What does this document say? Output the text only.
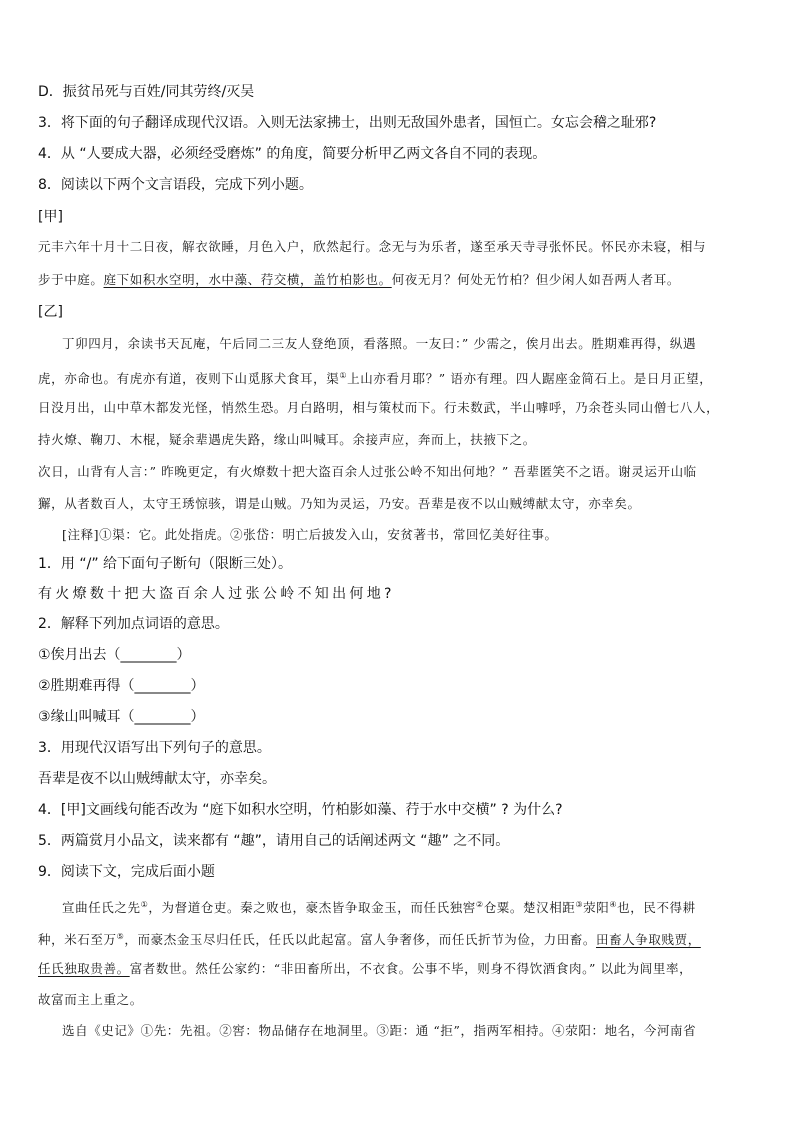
D．振贫吊死与百姓/同其劳终/灭吴
3．将下面的句子翻译成现代汉语。入则无法家拂士，出则无敌国外患者，国恒亡。女忘会稽之耻邪?
4．从 “人要成大器，必须经受磨炼” 的角度，简要分析甲乙两文各自不同的表现。
8．阅读以下两个文言语段，完成下列小题。
[甲]
元丰六年十月十二日夜，解衣欲睡，月色入户，欣然起行。念无与为乐者，遂至承天寺寻张怀民。怀民亦未寝，相与
步于中庭。庭下如积水空明，水中藻、荇交横，盖竹柏影也。何夜无月？何处无竹柏？但少闲人如吾两人者耳。
[乙]
丁卯四月，余读书天瓦庵，午后同二三友人登绝顶，看落照。一友曰：” 少需之，俟月出去。胜期难再得，纵遇
虎，亦命也。有虎亦有道，夜则下山觅豚犬食耳，渠①上山亦看月耶？” 语亦有理。四人踞座金简石上。是日月正望，
日没月出，山中草木都发光怪，悄然生恐。月白路明，相与策杖而下。行未数武，半山嘑呼，乃余苍头同山僧七八人，
持火燎、鞠刀、木棍，疑余辈遇虎失路，缘山叫喊耳。余接声应，奔而上，扶掖下之。
次日，山背有人言：” 昨晚更定，有火燎数十把大盗百余人过张公岭不知出何地？” 吾辈匿笑不之语。谢灵运开山临
獬，从者数百人，太守王琇惊骇，谓是山贼。乃知为灵运，乃安。吾辈是夜不以山贼缚献太守，亦幸矣。
[注释]①渠：它。此处指虎。②张岱：明亡后披发入山，安贫著书，常回忆美好往事。
1．用 “/” 给下面句子断句（限断三处）。
有火燎数十把大盗百余人过张公岭不知出何地?
2．解释下列加点词语的意思。
①俟月出去（________）
②胜期难再得（________）
③缘山叫喊耳（________）
3．用现代汉语写出下列句子的意思。
吾辈是夜不以山贼缚献太守，亦幸矣。
4．[甲]文画线句能否改为 “庭下如积水空明，竹柏影如藻、荇于水中交横” ? 为什么?
5．两篇赏月小品文，读来都有 “趣”，请用自己的话阐述两文 “趣” 之不同。
9．阅读下文，完成后面小题
宣曲任氏之先①，为督道仓吏。秦之败也，豪杰皆争取金玉，而任氏独窖②仓粟。楚汉相距③荥阳④也，民不得耕
种，米石至万⑤，而豪杰金玉尽归任氏，任氏以此起富。富人争奢侈，而任氏折节为俭，力田畜。田畜人争取贱贾，
任氏独取贵善。富者数世。然任公家约：“非田畜所出，不衣食。公事不毕，则身不得饮酒食肉。” 以此为闾里率，
故富而主上重之。
选自《史记》①先：先祖。②窖：物品储存在地洞里。③距：通 “拒”，指两军相持。④荥阳：地名，今河南省
